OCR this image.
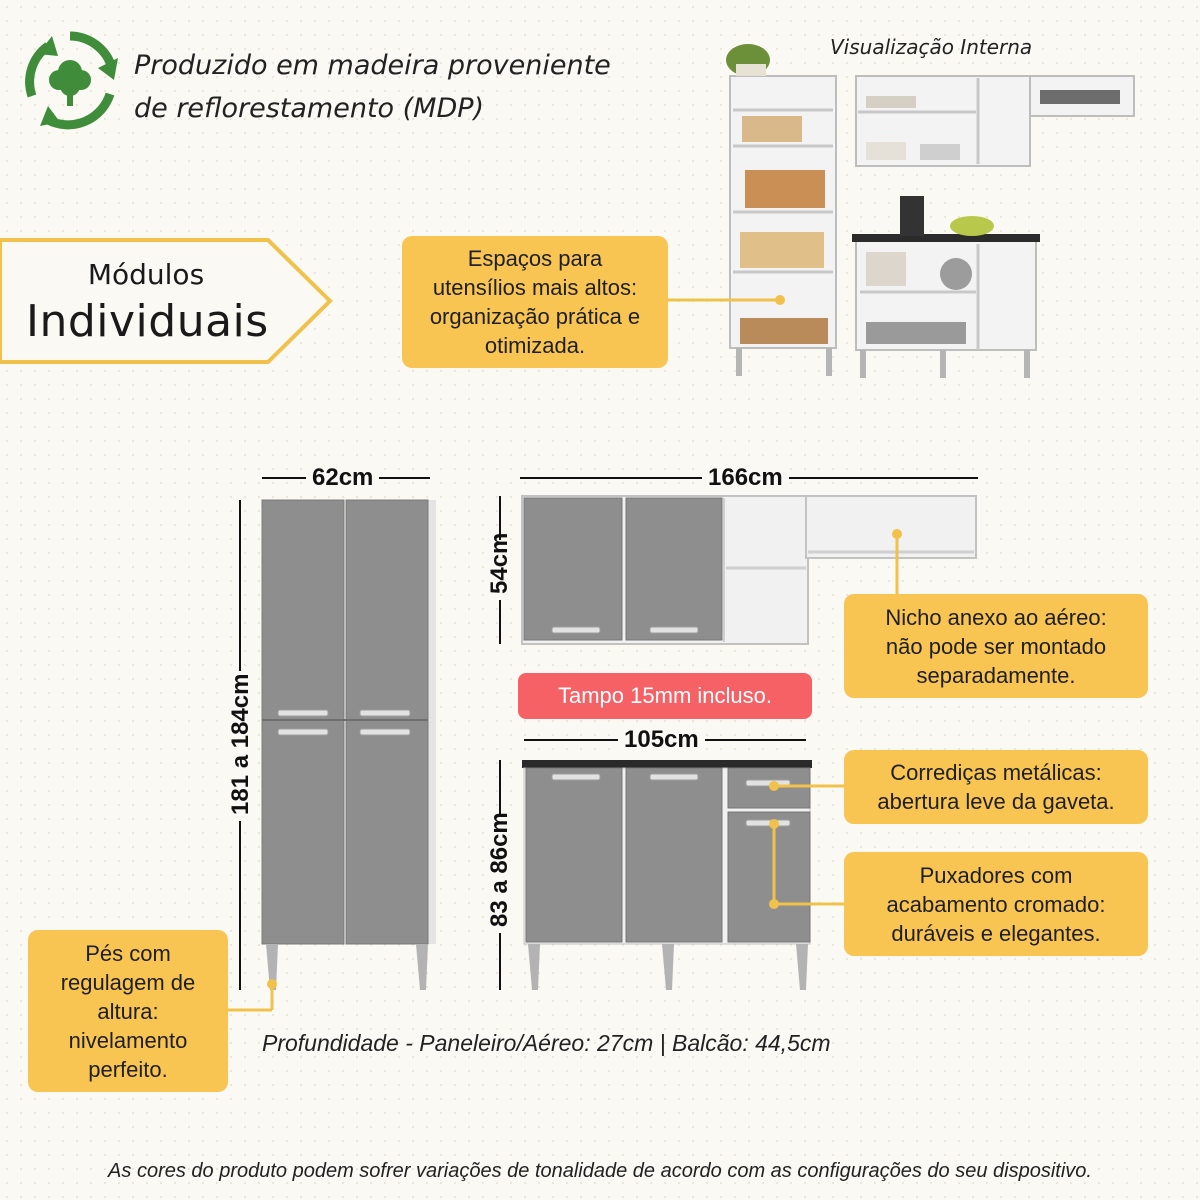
Produzido em madeira proveniente
de reflorestamento (MDP)
Visualização Interna
Módulos
Individuais
62cm	166cm
105cm
181 a 184cm
54cm
83 a 86cm
Espaços para
utensílios mais altos:
organização prática e
otimizada.
Nicho anexo ao aéreo:
não pode ser montado
separadamente.
Corrediças metálicas:
abertura leve da gaveta.
Puxadores com
acabamento cromado:
duráveis e elegantes.
Pés com
regulagem de
altura:
nivelamento
perfeito.
Tampo 15mm incluso.
Profundidade - Paneleiro/Aéreo: 27cm | Balcão: 44,5cm
As cores do produto podem sofrer variações de tonalidade de acordo com as configurações do seu dispositivo.
